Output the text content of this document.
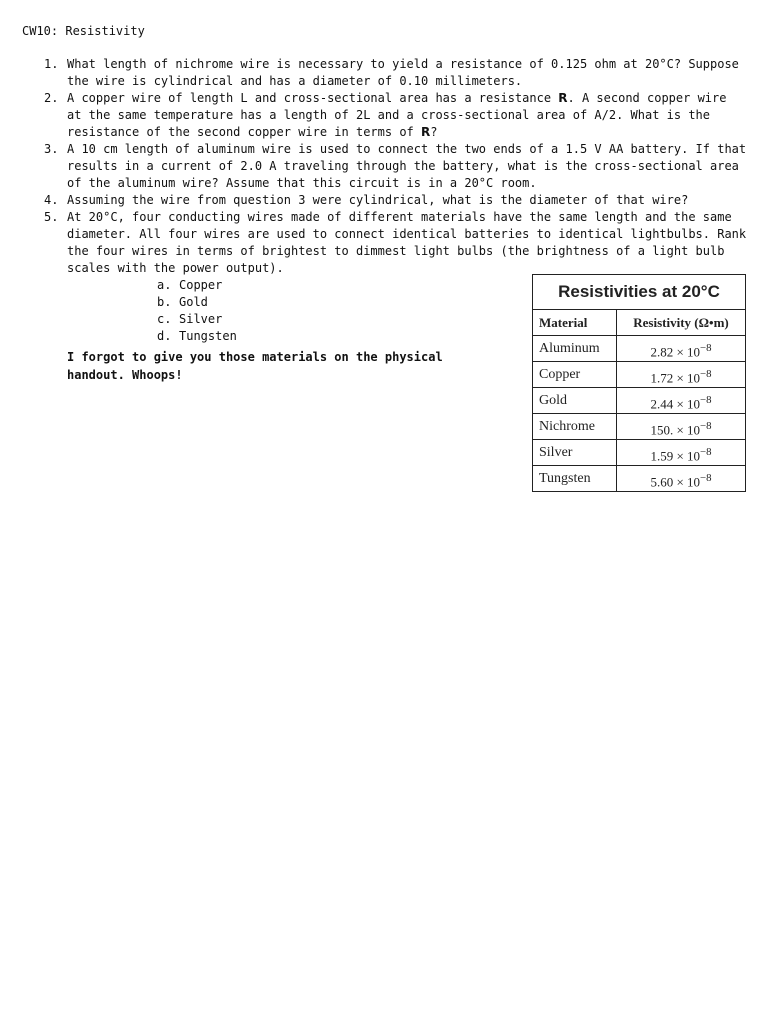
CW10: Resistivity
1. What length of nichrome wire is necessary to yield a resistance of 0.125 ohm at 20°C? Suppose the wire is cylindrical and has a diameter of 0.10 millimeters.
2. A copper wire of length L and cross-sectional area has a resistance R. A second copper wire at the same temperature has a length of 2L and a cross-sectional area of A/2. What is the resistance of the second copper wire in terms of R?
3. A 10 cm length of aluminum wire is used to connect the two ends of a 1.5 V AA battery. If that results in a current of 2.0 A traveling through the battery, what is the cross-sectional area of the aluminum wire? Assume that this circuit is in a 20°C room.
4. Assuming the wire from question 3 were cylindrical, what is the diameter of that wire?
5. At 20°C, four conducting wires made of different materials have the same length and the same diameter. All four wires are used to connect identical batteries to identical lightbulbs. Rank the four wires in terms of brightest to dimmest light bulbs (the brightness of a light bulb scales with the power output).
a. Copper
b. Gold
c. Silver
d. Tungsten
I forgot to give you those materials on the physical handout. Whoops!
Resistivities at 20°C
Material	Resistivity (Ω•m)
Aluminum	$2.82 \times 10^{-8}$
Copper	$1.72 \times 10^{-8}$
Gold	$2.44 \times 10^{-8}$
Nichrome	150. × $10^{-8}$
Silver	$1.59 \times 10^{-8}$
Tungsten	$5.60 \times 10^{-8}$
